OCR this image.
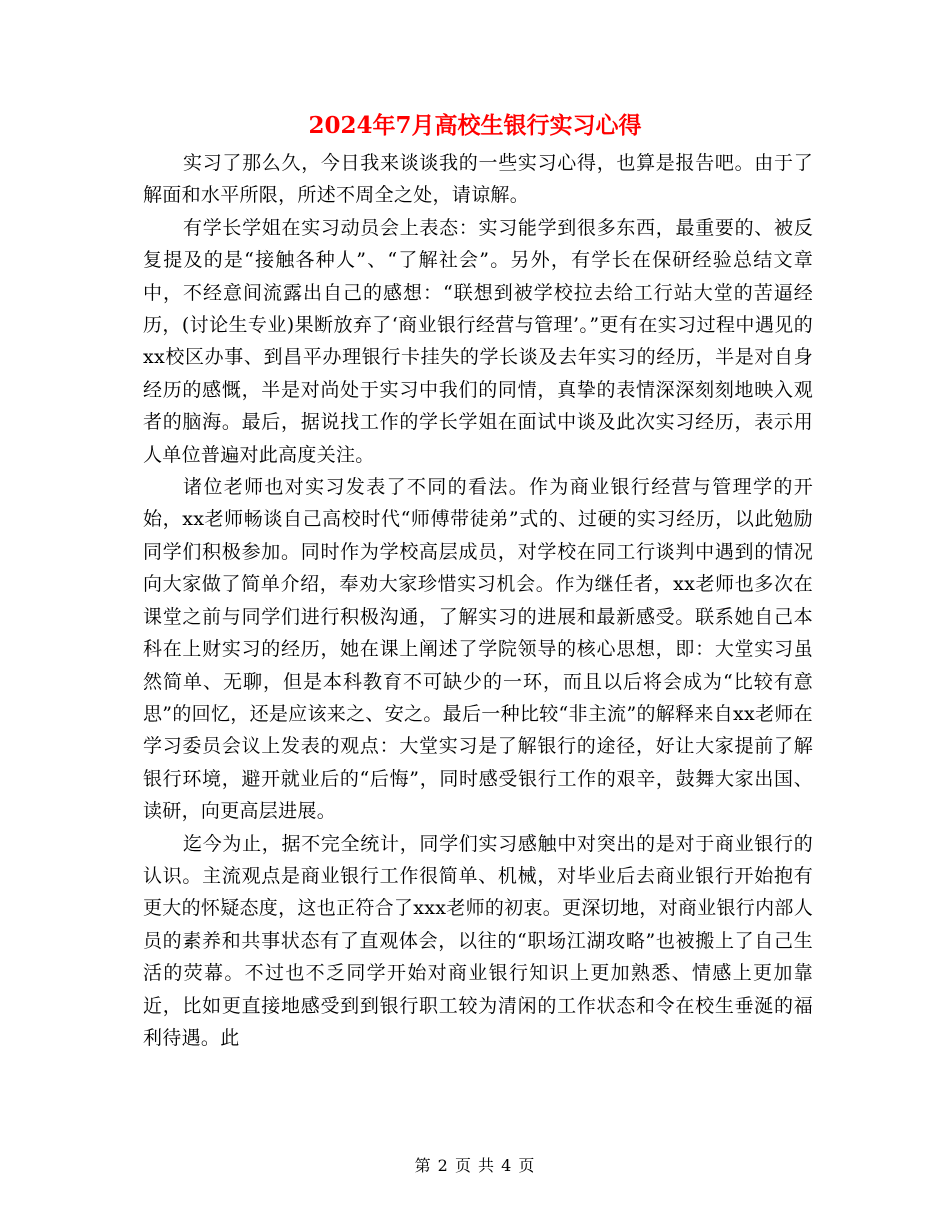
2024年7月高校生银行实习心得

实习了那么久，今日我来谈谈我的一些实习心得，也算是报告吧。由于了解面和水平所限，所述不周全之处，请谅解。

有学长学姐在实习动员会上表态：实习能学到很多东西，最重要的、被反复提及的是“接触各种人”、“了解社会”。另外，有学长在保研经验总结文章中，不经意间流露出自己的感想：“联想到被学校拉去给工行站大堂的苦逼经历，(讨论生专业)果断放弃了‘商业银行经营与管理’。”更有在实习过程中遇见的xx校区办事、到昌平办理银行卡挂失的学长谈及去年实习的经历，半是对自身经历的感慨，半是对尚处于实习中我们的同情，真挚的表情深深刻刻地映入观者的脑海。最后，据说找工作的学长学姐在面试中谈及此次实习经历，表示用人单位普遍对此高度关注。

诸位老师也对实习发表了不同的看法。作为商业银行经营与管理学的开始，xx老师畅谈自己高校时代“师傅带徒弟”式的、过硬的实习经历，以此勉励同学们积极参加。同时作为学校高层成员，对学校在同工行谈判中遇到的情况向大家做了简单介绍，奉劝大家珍惜实习机会。作为继任者，xx老师也多次在课堂之前与同学们进行积极沟通，了解实习的进展和最新感受。联系她自己本科在上财实习的经历，她在课上阐述了学院领导的核心思想，即：大堂实习虽然简单、无聊，但是本科教育不可缺少的一环，而且以后将会成为“比较有意思”的回忆，还是应该来之、安之。最后一种比较“非主流”的解释来自xx老师在学习委员会议上发表的观点：大堂实习是了解银行的途径，好让大家提前了解银行环境，避开就业后的“后悔”，同时感受银行工作的艰辛，鼓舞大家出国、读研，向更高层进展。

迄今为止，据不完全统计，同学们实习感触中对突出的是对于商业银行的认识。主流观点是商业银行工作很简单、机械，对毕业后去商业银行开始抱有更大的怀疑态度，这也正符合了xxx老师的初衷。更深切地，对商业银行内部人员的素养和共事状态有了直观体会，以往的“职场江湖攻略”也被搬上了自己生活的荧幕。不过也不乏同学开始对商业银行知识上更加熟悉、情感上更加靠近，比如更直接地感受到到银行职工较为清闲的工作状态和令在校生垂涎的福利待遇。此

第 2 页 共 4 页
